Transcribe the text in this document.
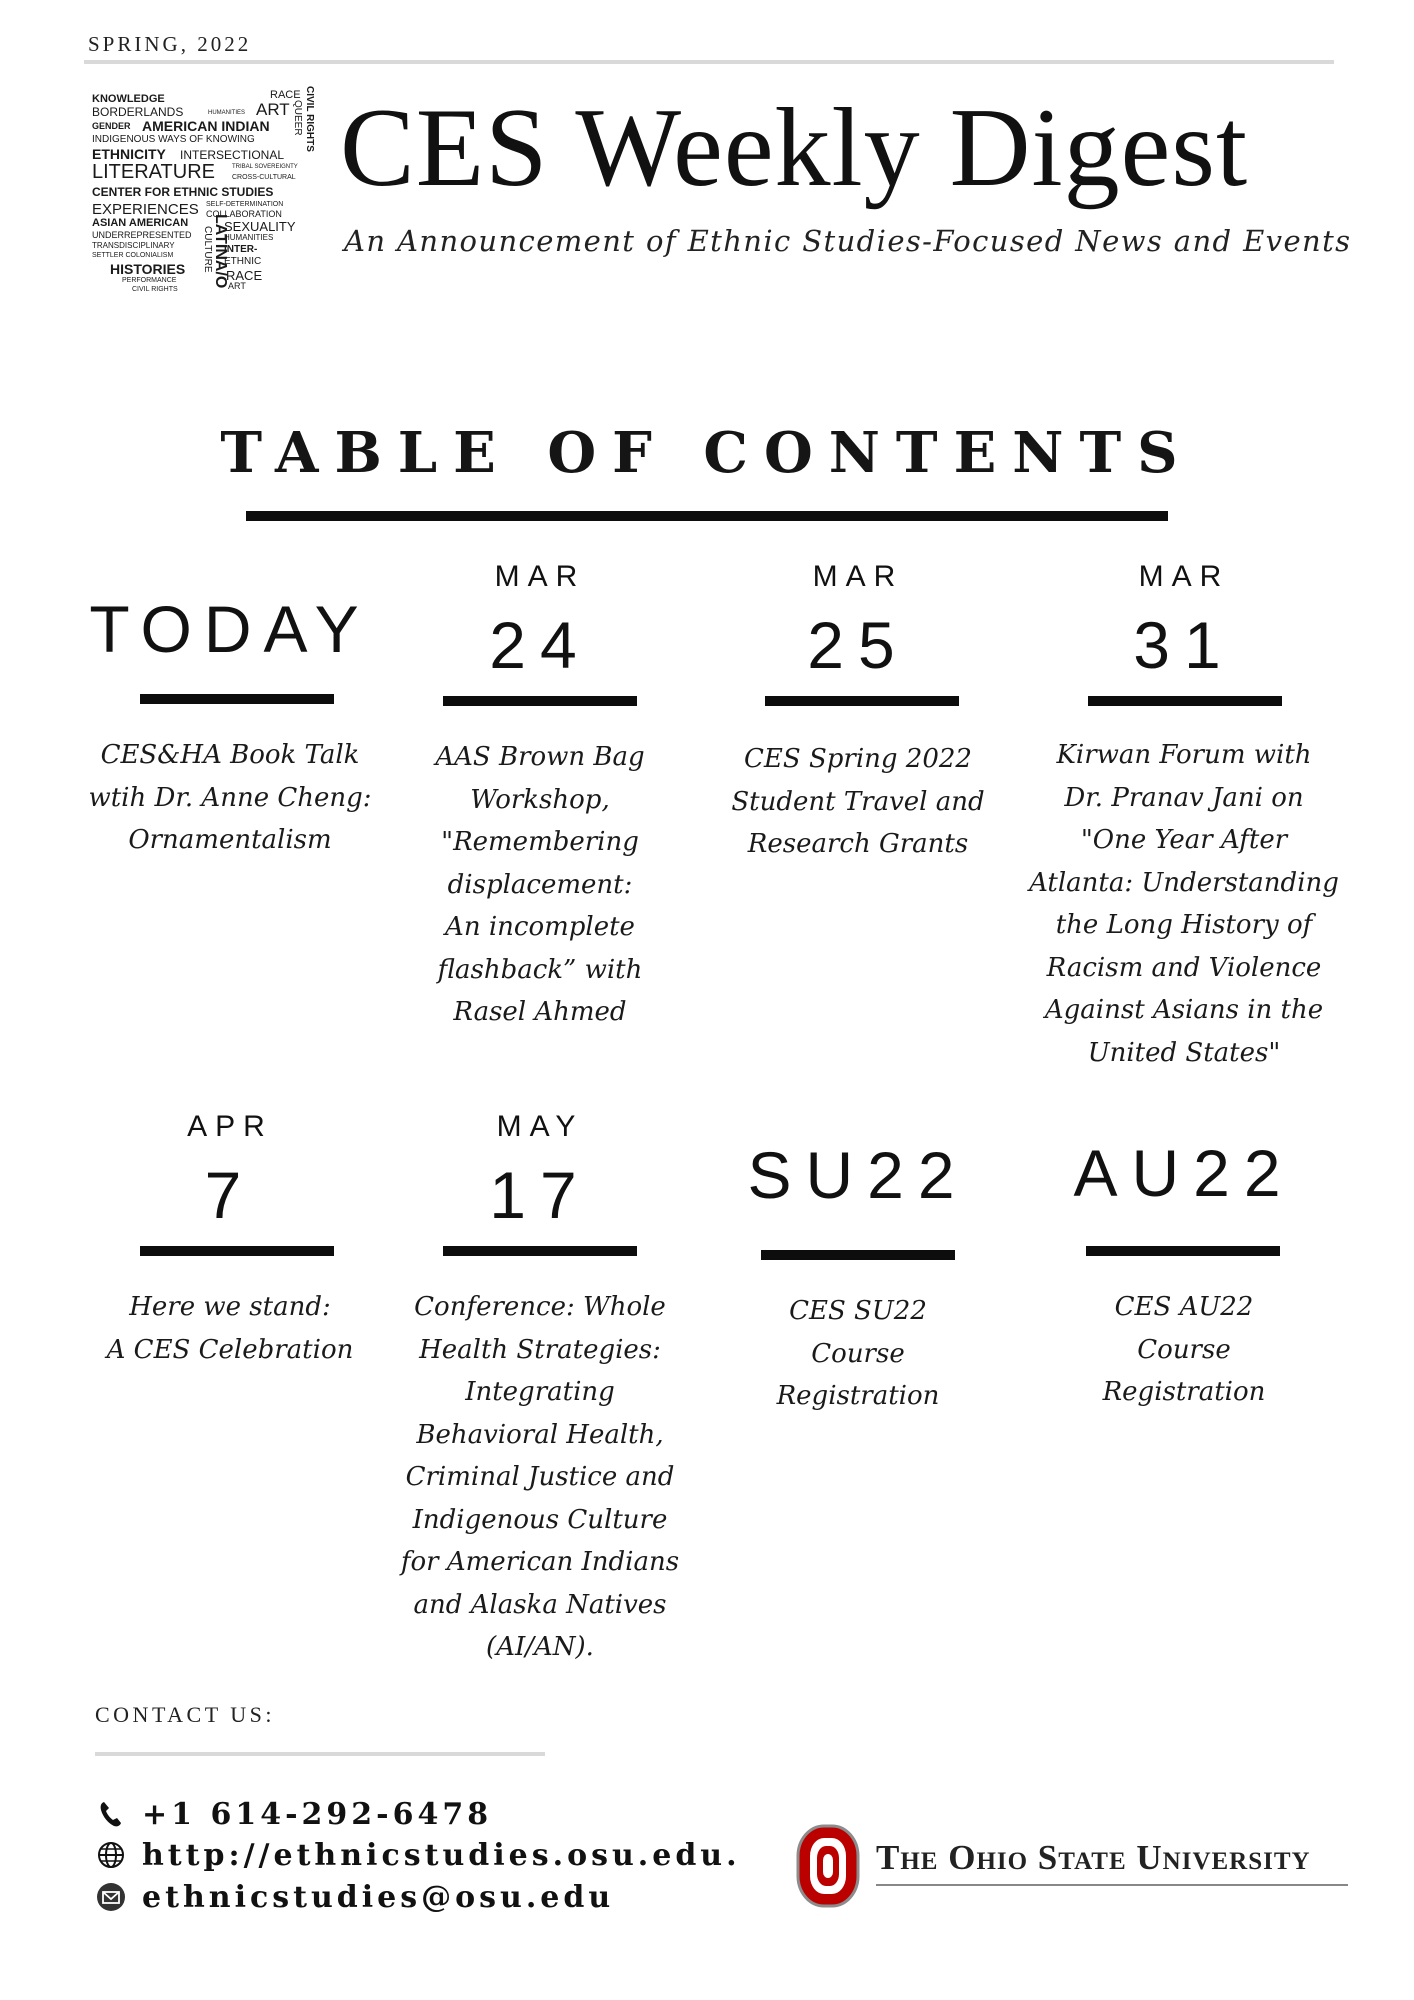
SPRING, 2022
KNOWLEDGE
BORDERLANDS	HUMANITIES ART
RACE CIVIL RIGHTS
QUEER
GENDER AMERICAN INDIAN
INDIGENOUS WAYS OF KNOWING
ETHNICITY INTERSECTIONAL
LITERATURE	TRIBAL SOVEREIGNTY
CROSS-CULTURAL
CENTER FOR ETHNIC STUDIES
EXPERIENCES SELF-DETERMINATION
COLLABORATION
ASIAN AMERICAN	SEXUALITY
UNDERREPRESENTED	HUMANITIES
TRANSDISCIPLINARY	INTER-
SETTLER COLONIALISM
ETHNIC
HISTORIES CULTURE LATINA/O
RACE
PERFORMANCE
ART
CIVIL RIGHTS
CES Weekly Digest
An Announcement of Ethnic Studies-Focused News and Events
TABLE OF CONTENTS
TODAY
CES&HA Book Talk
wtih Dr. Anne Cheng:
Ornamentalism
MAR
24
AAS Brown Bag
Workshop,
"Remembering
displacement:
An incomplete
flashback” with
Rasel Ahmed
MAR
25
CES Spring 2022
Student Travel and
Research Grants
MAR
31
Kirwan Forum with
Dr. Pranav Jani on
"One Year After
Atlanta: Understanding
the Long History of
Racism and Violence
Against Asians in the
United States"
APR
7
Here we stand:
A CES Celebration
MAY
17
Conference: Whole
Health Strategies:
Integrating
Behavioral Health,
Criminal Justice and
Indigenous Culture
for American Indians
and Alaska Natives
(AI/AN).
SU22
CES SU22
Course
Registration
AU22
CES AU22
Course
Registration
CONTACT US:
+1 614-292-6478
http://ethnicstudies.osu.edu.
ethnicstudies@osu.edu
The Ohio State University
